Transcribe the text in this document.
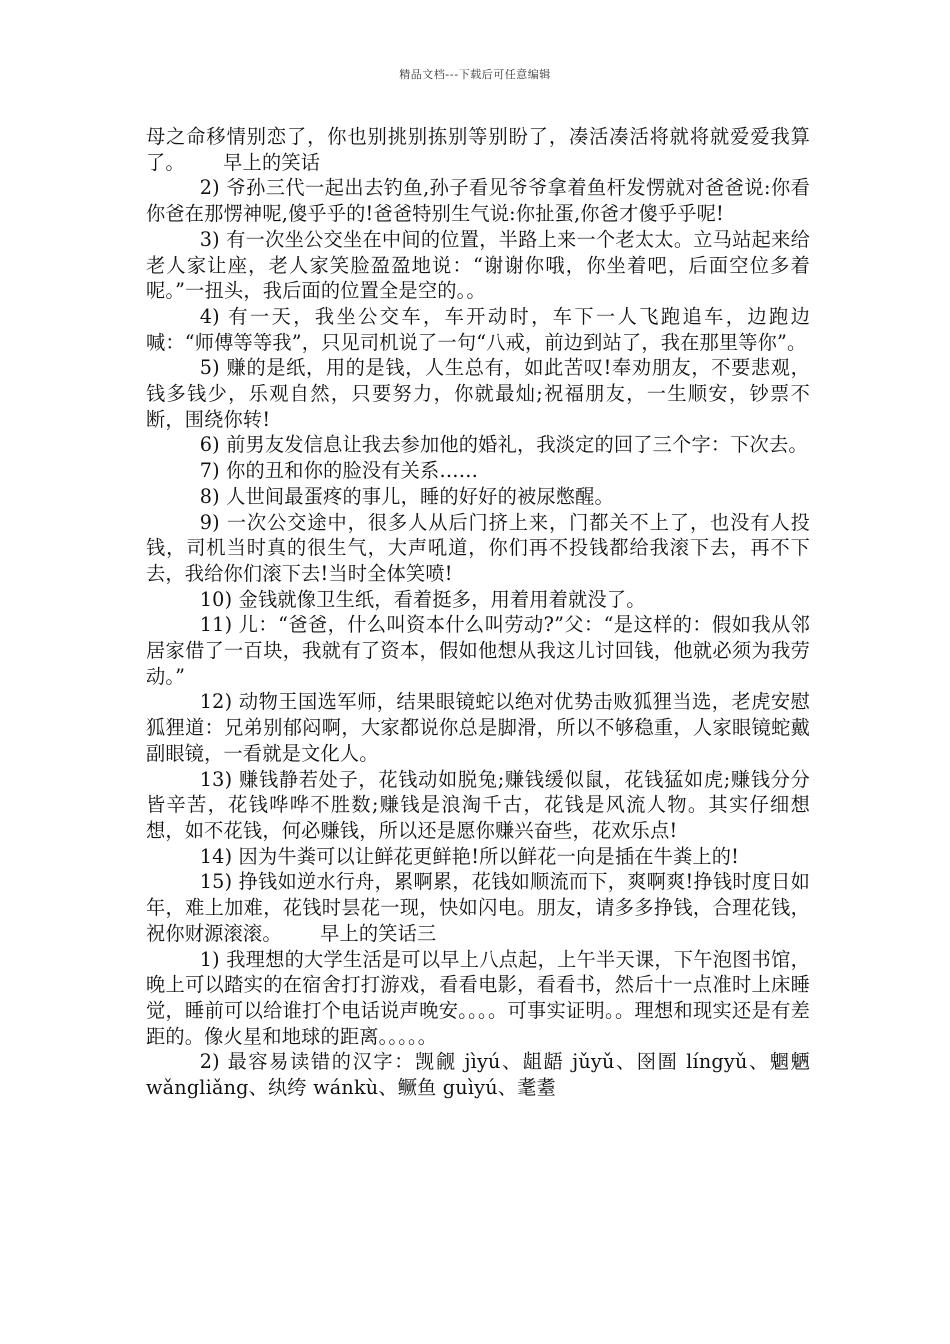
精品文档---下载后可任意编辑

母之命移情别恋了，你也别挑别拣别等别盼了，凑活凑活将就将就爱爱我算了。 早上的笑话

2) 爷孙三代一起出去钓鱼,孙子看见爷爷拿着鱼杆发愣就对爸爸说:你看你爸在那愣神呢,傻乎乎的!爸爸特别生气说:你扯蛋,你爸才傻乎乎呢!

3) 有一次坐公交坐在中间的位置，半路上来一个老太太。立马站起来给老人家让座，老人家笑脸盈盈地说：“谢谢你哦，你坐着吧，后面空位多着呢。”一扭头，我后面的位置全是空的。。

4) 有一天，我坐公交车，车开动时，车下一人飞跑追车，边跑边喊：“师傅等等我”，只见司机说了一句“八戒，前边到站了，我在那里等你”。

5) 赚的是纸，用的是钱，人生总有，如此苦叹!奉劝朋友，不要悲观，钱多钱少，乐观自然，只要努力，你就最灿;祝福朋友，一生顺安，钞票不断，围绕你转!

6) 前男友发信息让我去参加他的婚礼，我淡定的回了三个字：下次去。

7) 你的丑和你的脸没有关系……

8) 人世间最蛋疼的事儿，睡的好好的被尿憋醒。

9) 一次公交途中，很多人从后门挤上来，门都关不上了，也没有人投钱，司机当时真的很生气，大声吼道，你们再不投钱都给我滚下去，再不下去，我给你们滚下去!当时全体笑喷!

10) 金钱就像卫生纸，看着挺多，用着用着就没了。

11) 儿：“爸爸，什么叫资本什么叫劳动?”父：“是这样的：假如我从邻居家借了一百块，我就有了资本，假如他想从我这儿讨回钱，他就必须为我劳动。”

12) 动物王国选军师，结果眼镜蛇以绝对优势击败狐狸当选，老虎安慰狐狸道：兄弟别郁闷啊，大家都说你总是脚滑，所以不够稳重，人家眼镜蛇戴副眼镜，一看就是文化人。

13) 赚钱静若处子，花钱动如脱兔;赚钱缓似鼠，花钱猛如虎;赚钱分分皆辛苦，花钱哗哗不胜数;赚钱是浪淘千古，花钱是风流人物。其实仔细想想，如不花钱，何必赚钱，所以还是愿你赚兴奋些，花欢乐点!

14) 因为牛粪可以让鲜花更鲜艳!所以鲜花一向是插在牛粪上的!

15) 挣钱如逆水行舟，累啊累，花钱如顺流而下，爽啊爽!挣钱时度日如年，难上加难，花钱时昙花一现，快如闪电。朋友，请多多挣钱，合理花钱，祝你财源滚滚。 早上的笑话三

1) 我理想的大学生活是可以早上八点起，上午半天课，下午泡图书馆，晚上可以踏实的在宿舍打打游戏，看看电影，看看书，然后十一点准时上床睡觉，睡前可以给谁打个电话说声晚安。。。。可事实证明。。理想和现实还是有差距的。像火星和地球的距离。。。。。

2) 最容易读错的汉字：觊觎 jìyú、龃龉 jǔyǔ、囹圄 língyǔ、魍魉 wǎngliǎng、纨绔 wánkù、鳜鱼 guìyú、耄耋
